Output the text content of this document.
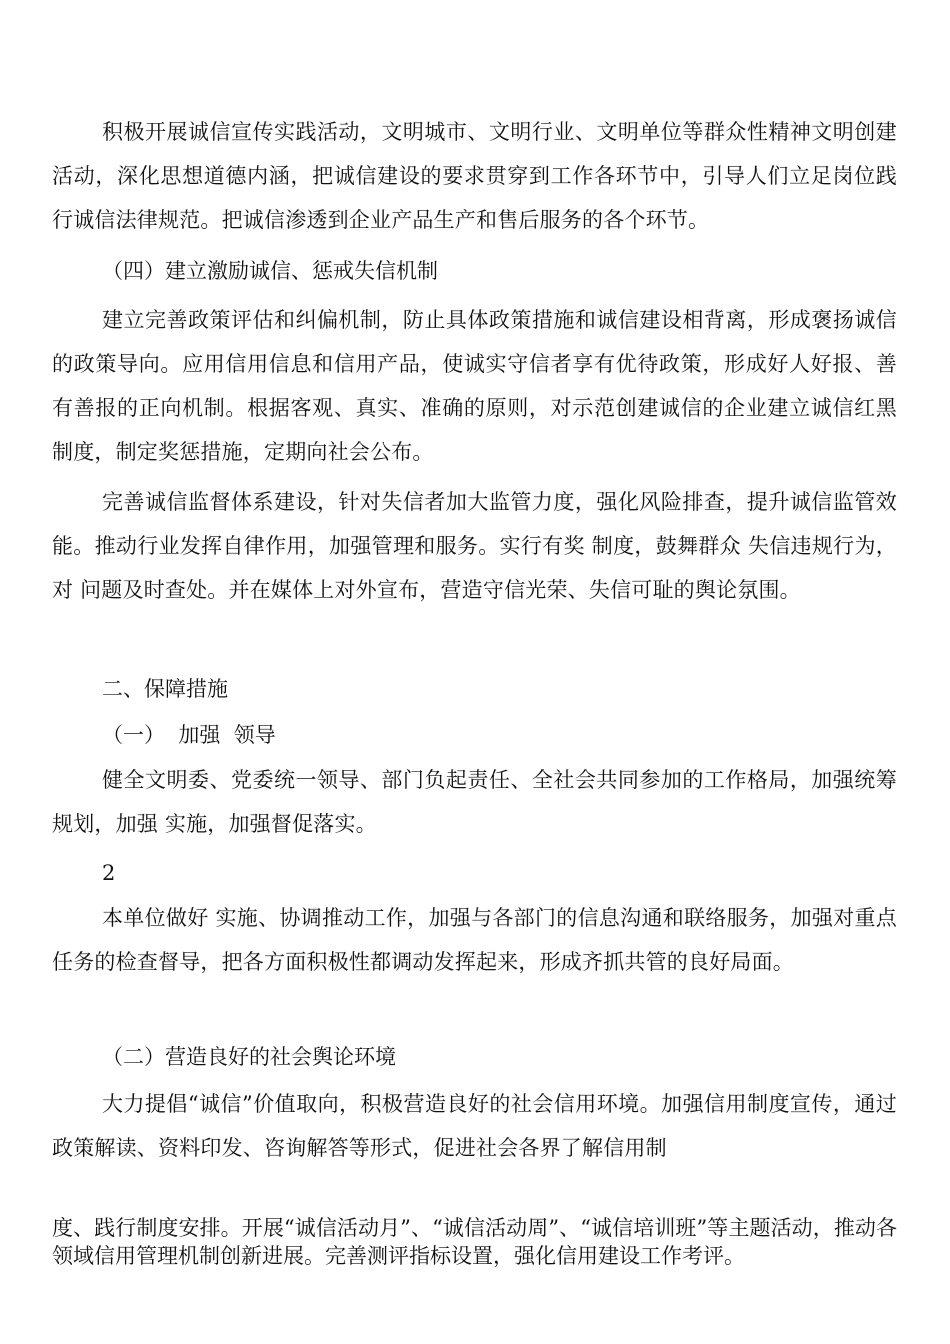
积极开展诚信宣传实践活动，文明城市、文明行业、文明单位等群众性精神文明创建活动，深化思想道德内涵，把诚信建设的要求贯穿到工作各环节中，引导人们立足岗位践行诚信法律规范。把诚信渗透到企业产品生产和售后服务的各个环节。

（四）建立激励诚信、惩戒失信机制

建立完善政策评估和纠偏机制，防止具体政策措施和诚信建设相背离，形成褒扬诚信的政策导向。应用信用信息和信用产品，使诚实守信者享有优待政策，形成好人好报、善有善报的正向机制。根据客观、真实、准确的原则，对示范创建诚信的企业建立诚信红黑 制度，制定奖惩措施，定期向社会公布。

完善诚信监督体系建设，针对失信者加大监管力度，强化风险排查，提升诚信监管效能。推动行业发挥自律作用，加强管理和服务。实行有奖 制度，鼓舞群众 失信违规行为，对 问题及时查处。并在媒体上对外宣布，营造守信光荣、失信可耻的舆论氛围。

二、保障措施

（一）  加强  领导

健全文明委、党委统一领导、部门负起责任、全社会共同参加的工作格局，加强统筹规划，加强 实施，加强督促落实。

2

本单位做好 实施、协调推动工作，加强与各部门的信息沟通和联络服务，加强对重点任务的检查督导，把各方面积极性都调动发挥起来，形成齐抓共管的良好局面。

（二）营造良好的社会舆论环境

大力提倡“诚信”价值取向，积极营造良好的社会信用环境。加强信用制度宣传，通过政策解读、资料印发、咨询解答等形式，促进社会各界了解信用制

度、践行制度安排。开展“诚信活动月”、“诚信活动周”、“诚信培训班”等主题活动，推动各领域信用管理机制创新进展。完善测评指标设置，强化信用建设工作考评。
